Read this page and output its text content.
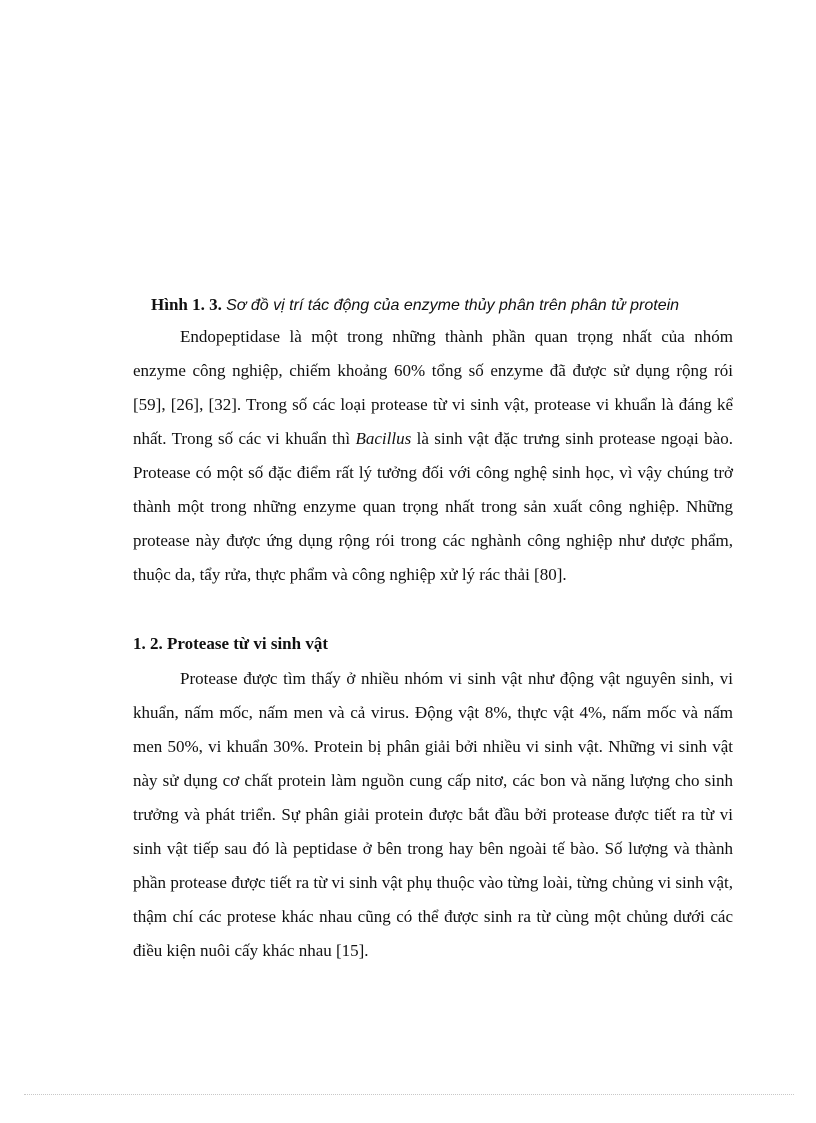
Hình 1. 3. Sơ đồ vị trí tác động của enzyme thủy phân trên phân tử protein

Endopeptidase là một trong những thành phần quan trọng nhất của nhóm enzyme công nghiệp, chiếm khoảng 60% tổng số enzyme đã được sử dụng rộng rói [59], [26], [32]. Trong số các loại protease từ vi sinh vật, protease vi khuẩn là đáng kể nhất. Trong số các vi khuẩn thì Bacillus là sinh vật đặc trưng sinh protease ngoại bào. Protease có một số đặc điểm rất lý tưởng đối với công nghệ sinh học, vì vậy chúng trở thành một trong những enzyme quan trọng nhất trong sản xuất công nghiệp. Những protease này được ứng dụng rộng rói trong các nghành công nghiệp như dược phẩm, thuộc da, tẩy rửa, thực phẩm và công nghiệp xử lý rác thải [80].

1. 2. Protease từ vi sinh vật

Protease được tìm thấy ở nhiều nhóm vi sinh vật như động vật nguyên sinh, vi khuẩn, nấm mốc, nấm men và cả virus. Động vật 8%, thực vật 4%, nấm mốc và nấm men 50%, vi khuẩn 30%. Protein bị phân giải bởi nhiều vi sinh vật. Những vi sinh vật này sử dụng cơ chất protein làm nguồn cung cấp nitơ, các bon và năng lượng cho sinh trưởng và phát triển. Sự phân giải protein được bắt đầu bởi protease được tiết ra từ vi sinh vật tiếp sau đó là peptidase ở bên trong hay bên ngoài tế bào. Số lượng và thành phần protease được tiết ra từ vi sinh vật phụ thuộc vào từng loài, từng chủng vi sinh vật, thậm chí các protese khác nhau cũng có thể được sinh ra từ cùng một chủng dưới các điều kiện nuôi cấy khác nhau [15].
